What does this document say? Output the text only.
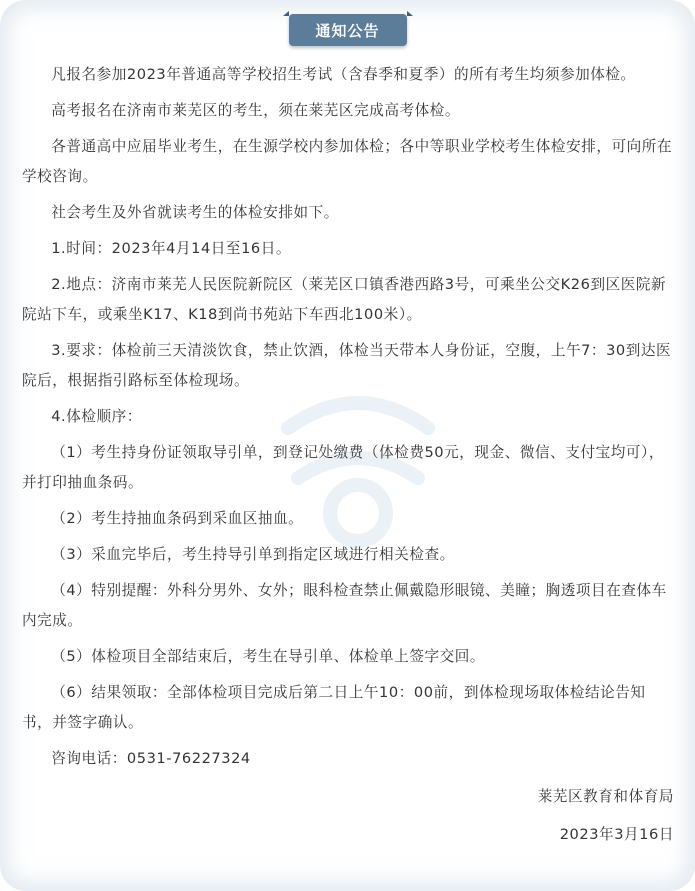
通知公告

凡报名参加2023年普通高等学校招生考试（含春季和夏季）的所有考生均须参加体检。

高考报名在济南市莱芜区的考生，须在莱芜区完成高考体检。

各普通高中应届毕业考生，在生源学校内参加体检；各中等职业学校考生体检安排，可向所在学校咨询。

社会考生及外省就读考生的体检安排如下。

1.时间：2023年4月14日至16日。

2.地点：济南市莱芜人民医院新院区（莱芜区口镇香港西路3号，可乘坐公交K26到区医院新院站下车，或乘坐K17、K18到尚书苑站下车西北100米）。

3.要求：体检前三天清淡饮食，禁止饮酒，体检当天带本人身份证，空腹，上午7：30到达医院后，根据指引路标至体检现场。

4.体检顺序：

（1）考生持身份证领取导引单，到登记处缴费（体检费50元，现金、微信、支付宝均可），并打印抽血条码。

（2）考生持抽血条码到采血区抽血。

（3）采血完毕后，考生持导引单到指定区域进行相关检查。

（4）特别提醒：外科分男外、女外；眼科检查禁止佩戴隐形眼镜、美瞳；胸透项目在查体车内完成。

（5）体检项目全部结束后，考生在导引单、体检单上签字交回。

（6）结果领取：全部体检项目完成后第二日上午10：00前，到体检现场取体检结论告知书，并签字确认。

咨询电话：0531-76227324

莱芜区教育和体育局

2023年3月16日
